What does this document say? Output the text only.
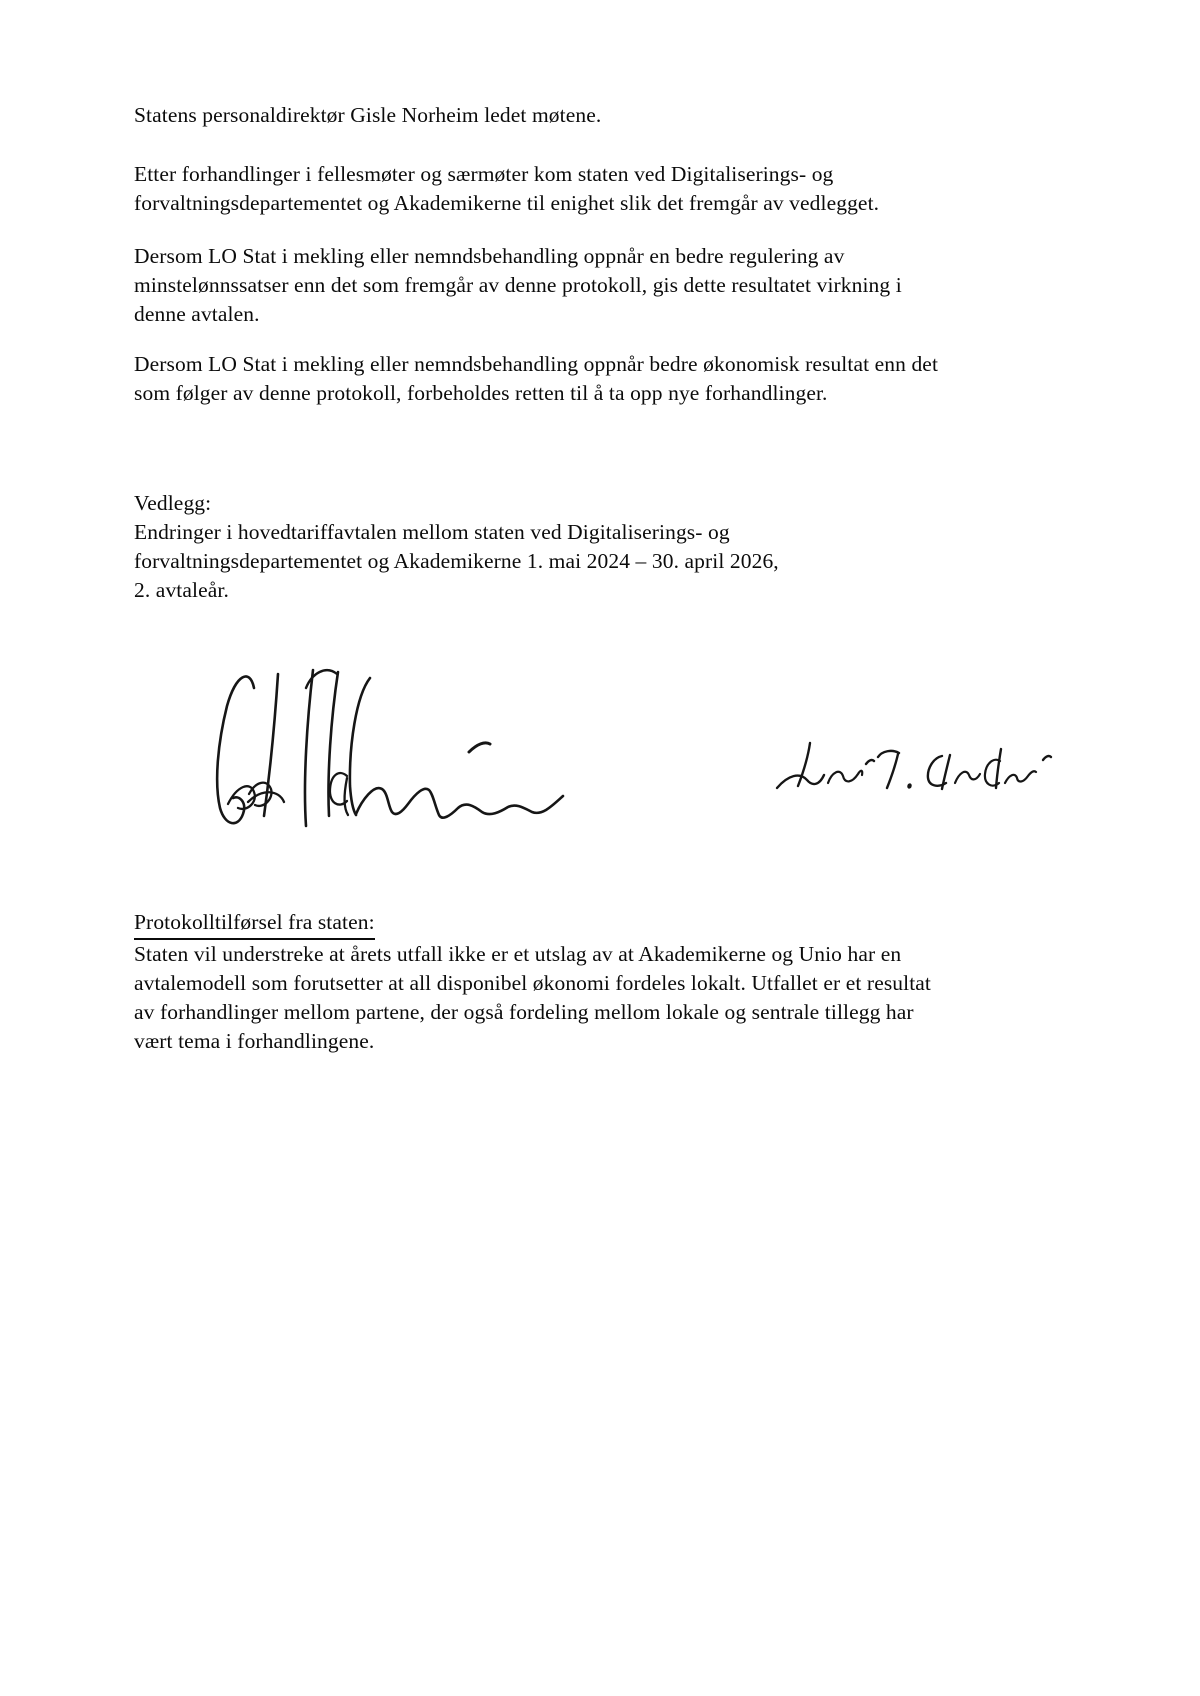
Statens personaldirektør Gisle Norheim ledet møtene.
Etter forhandlinger i fellesmøter og særmøter kom staten ved Digitaliserings- og
forvaltningsdepartementet og Akademikerne til enighet slik det fremgår av vedlegget.
Dersom LO Stat i mekling eller nemndsbehandling oppnår en bedre regulering av
minstelønnssatser enn det som fremgår av denne protokoll, gis dette resultatet virkning i
denne avtalen.
Dersom LO Stat i mekling eller nemndsbehandling oppnår bedre økonomisk resultat enn det
som følger av denne protokoll, forbeholdes retten til å ta opp nye forhandlinger.
Vedlegg:
Endringer i hovedtariffavtalen mellom staten ved Digitaliserings- og
forvaltningsdepartementet og Akademikerne 1. mai 2024 – 30. april 2026,
2. avtaleår.
Protokolltilførsel fra staten:
Staten vil understreke at årets utfall ikke er et utslag av at Akademikerne og Unio har en
avtalemodell som forutsetter at all disponibel økonomi fordeles lokalt. Utfallet er et resultat
av forhandlinger mellom partene, der også fordeling mellom lokale og sentrale tillegg har
vært tema i forhandlingene.
